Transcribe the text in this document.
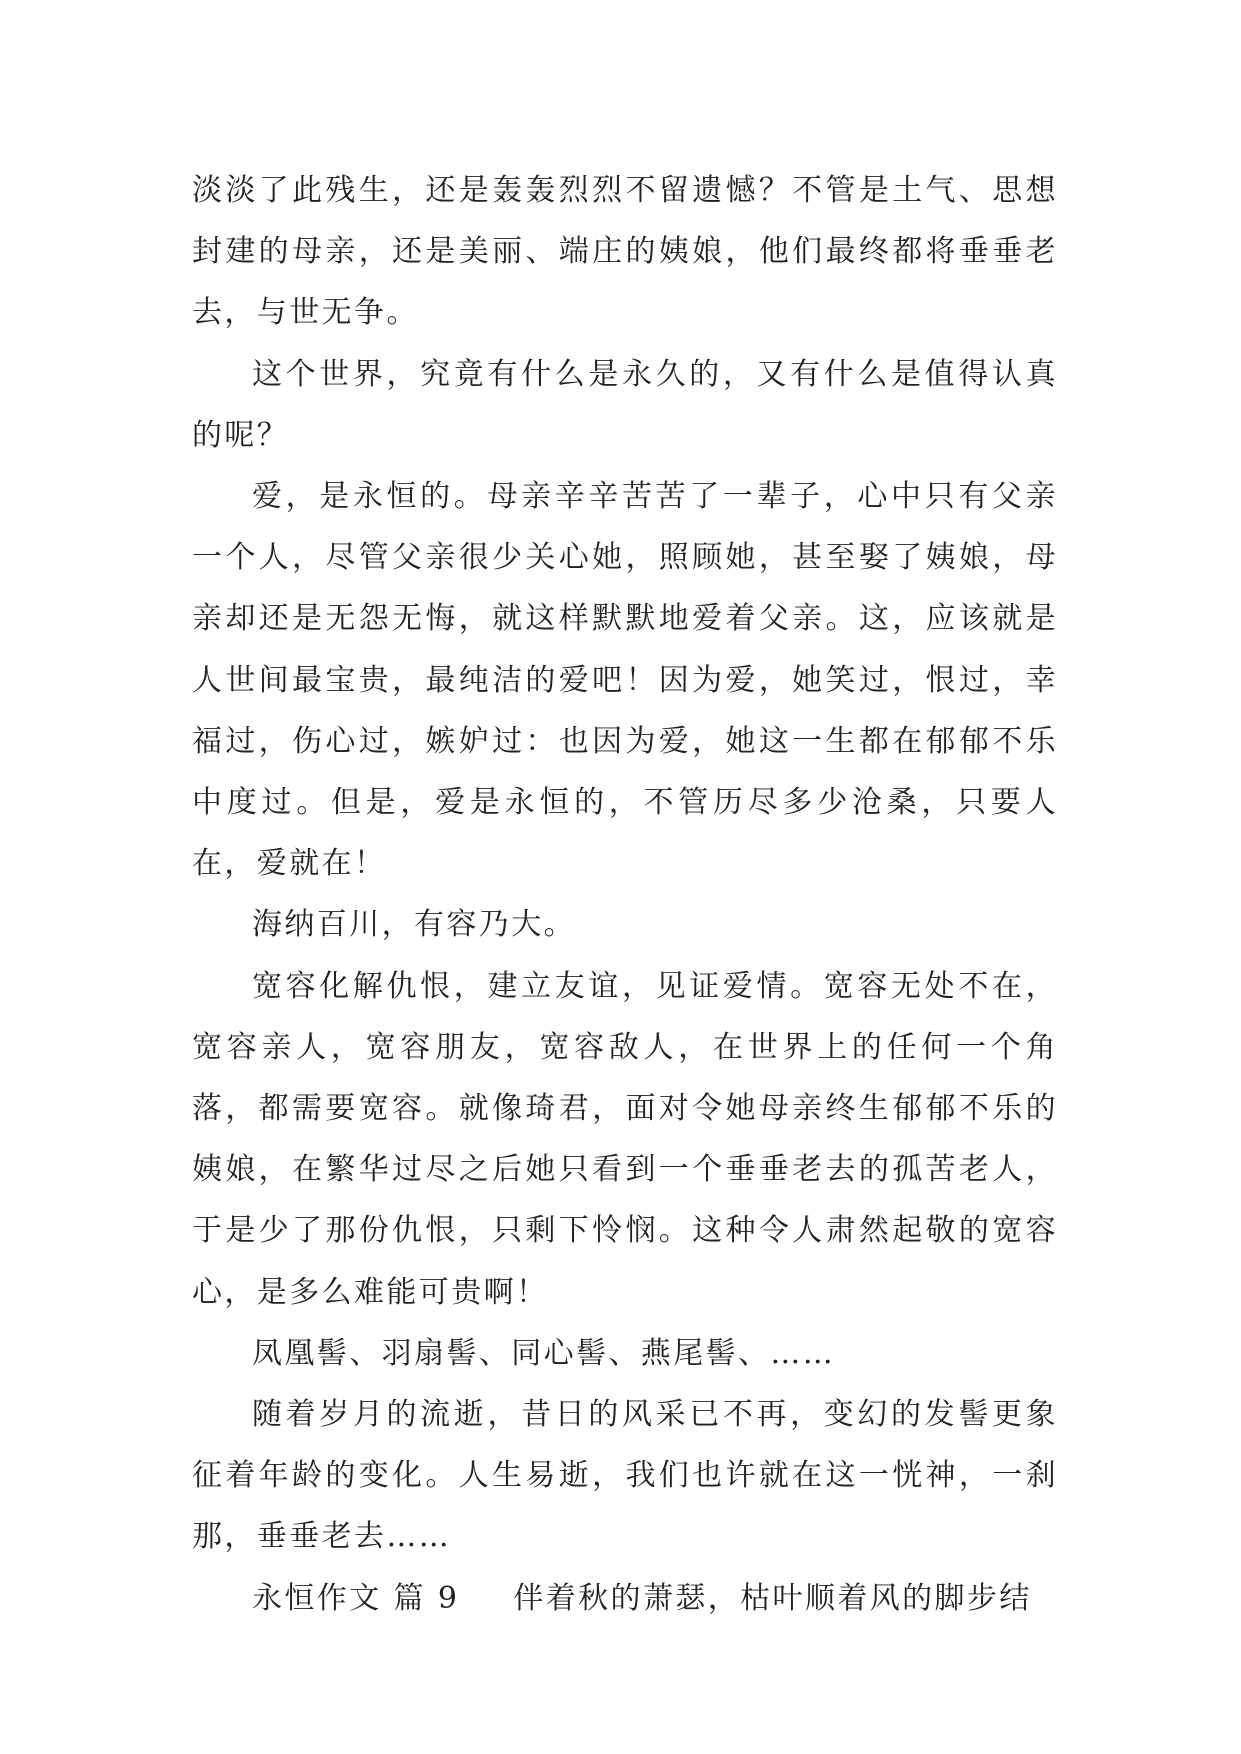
淡淡了此残生，还是轰轰烈烈不留遗憾？不管是土气、思想封建的母亲，还是美丽、端庄的姨娘，他们最终都将垂垂老去，与世无争。

这个世界，究竟有什么是永久的，又有什么是值得认真的呢？

爱，是永恒的。母亲辛辛苦苦了一辈子，心中只有父亲一个人，尽管父亲很少关心她，照顾她，甚至娶了姨娘，母亲却还是无怨无悔，就这样默默地爱着父亲。这，应该就是人世间最宝贵，最纯洁的爱吧！因为爱，她笑过，恨过，幸福过，伤心过，嫉妒过：也因为爱，她这一生都在郁郁不乐中度过。但是，爱是永恒的，不管历尽多少沧桑，只要人在，爱就在！

海纳百川，有容乃大。

宽容化解仇恨，建立友谊，见证爱情。宽容无处不在，宽容亲人，宽容朋友，宽容敌人，在世界上的任何一个角落，都需要宽容。就像琦君，面对令她母亲终生郁郁不乐的姨娘，在繁华过尽之后她只看到一个垂垂老去的孤苦老人，于是少了那份仇恨，只剩下怜悯。这种令人肃然起敬的宽容心，是多么难能可贵啊！

凤凰髻、羽扇髻、同心髻、燕尾髻、……

随着岁月的流逝，昔日的风采已不再，变幻的发髻更象征着年龄的变化。人生易逝，我们也许就在这一恍神，一刹那，垂垂老去……

永恒作文 篇 9 伴着秋的萧瑟，枯叶顺着风的脚步结
